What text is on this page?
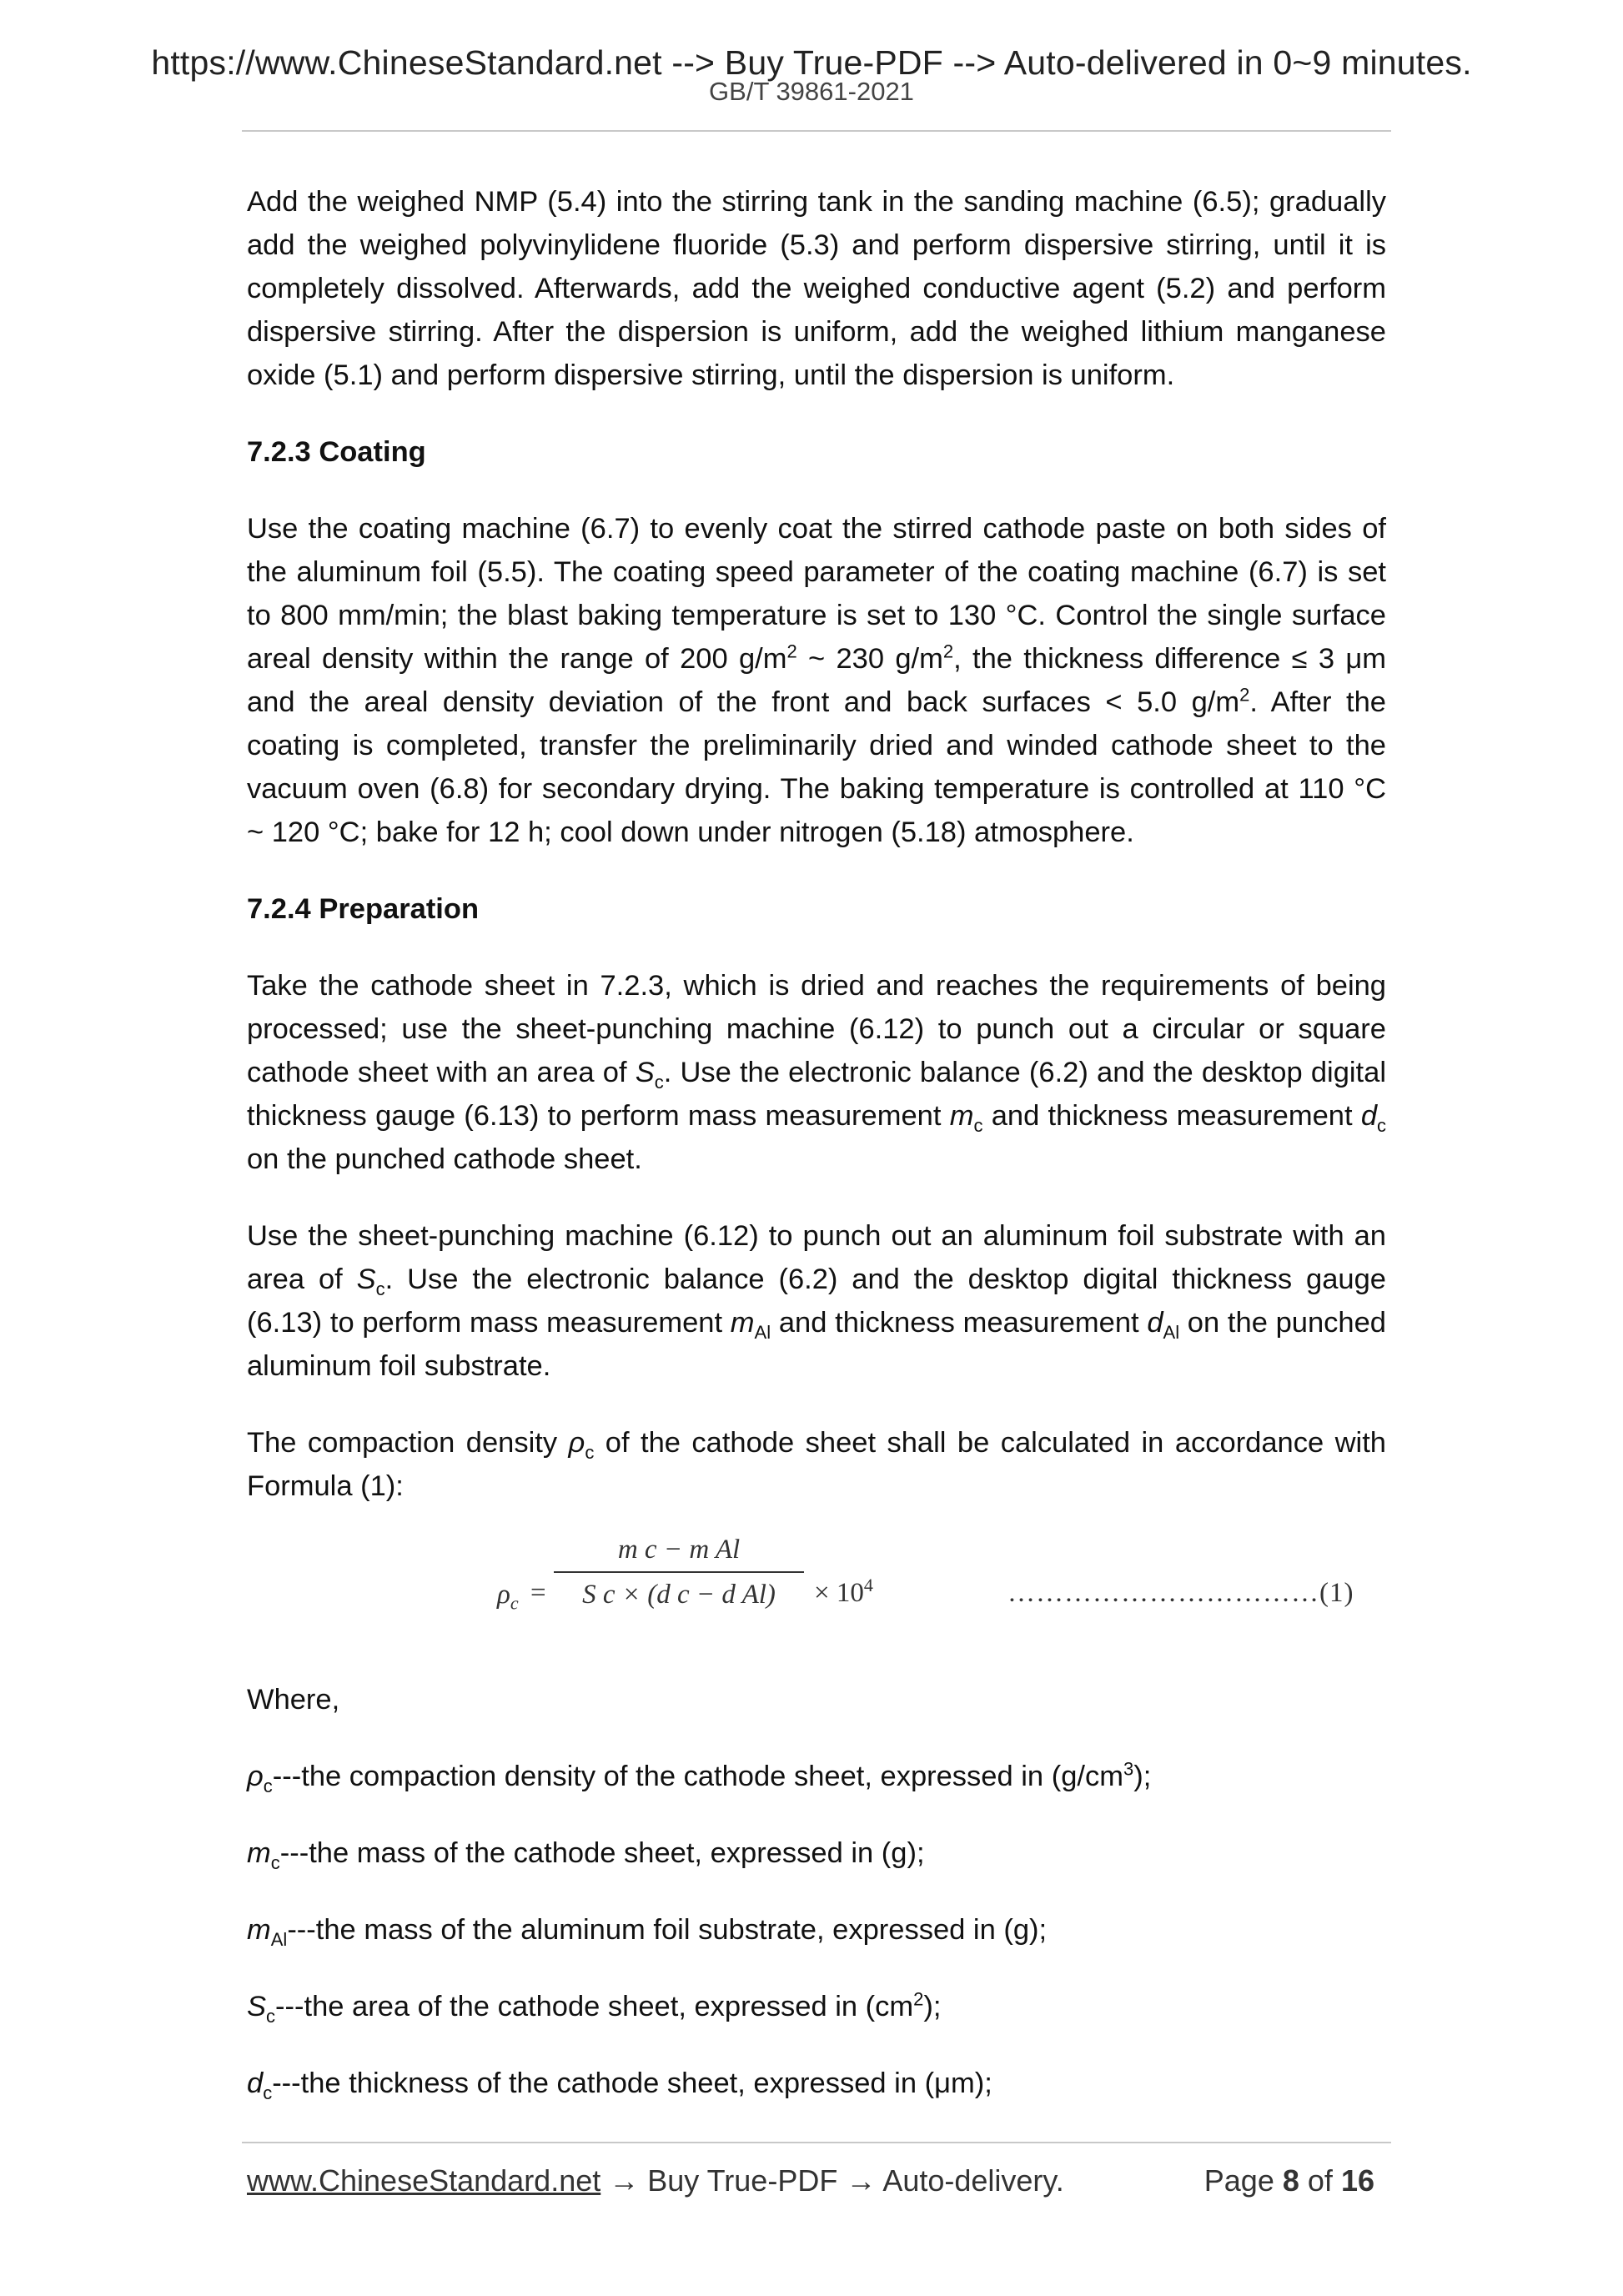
https://www.ChineseStandard.net --> Buy True-PDF --> Auto-delivered in 0~9 minutes.
GB/T 39861-2021

Add the weighed NMP (5.4) into the stirring tank in the sanding machine (6.5); gradually add the weighed polyvinylidene fluoride (5.3) and perform dispersive stirring, until it is completely dissolved. Afterwards, add the weighed conductive agent (5.2) and perform dispersive stirring. After the dispersion is uniform, add the weighed lithium manganese oxide (5.1) and perform dispersive stirring, until the dispersion is uniform.

7.2.3 Coating

Use the coating machine (6.7) to evenly coat the stirred cathode paste on both sides of the aluminum foil (5.5). The coating speed parameter of the coating machine (6.7) is set to 800 mm/min; the blast baking temperature is set to 130 °C. Control the single surface areal density within the range of 200 $g/m^2$ ~ 230 $g/m^2$, the thickness difference ≤ 3 μm and the areal density deviation of the front and back surfaces < 5.0 $g/m^2$. After the coating is completed, transfer the preliminarily dried and winded cathode sheet to the vacuum oven (6.8) for secondary drying. The baking temperature is controlled at 110 °C ~ 120 °C; bake for 12 h; cool down under nitrogen (5.18) atmosphere.

7.2.4 Preparation

Take the cathode sheet in 7.2.3, which is dried and reaches the requirements of being processed; use the sheet-punching machine (6.12) to punch out a circular or square cathode sheet with an area of $S_c$. Use the electronic balance (6.2) and the desktop digital thickness gauge (6.13) to perform mass measurement $m_c$ and thickness measurement $d_c$ on the punched cathode sheet.

Use the sheet-punching machine (6.12) to punch out an aluminum foil substrate with an area of $S_c$. Use the electronic balance (6.2) and the desktop digital thickness gauge (6.13) to perform mass measurement $m_{Al}$ and thickness measurement $d_{Al}$ on the punched aluminum foil substrate.

The compaction density $\rho_c$ of the cathode sheet shall be calculated in accordance with Formula (1):

$\rho_c$ =
m c − m Al
S c × (d c − d Al)	× $10^4$	……………………………(1)

Where,

$\rho_c--$-the compaction density of the cathode sheet, expressed in $(g/cm^3)$;

$m_c--$-the mass of the cathode sheet, expressed in (g);

$m_{Al}--$-the mass of the aluminum foil substrate, expressed in (g);

$S_c--$-the area of the cathode sheet, expressed in $(cm^2)$;

$d_c--$-the thickness of the cathode sheet, expressed in (μm);

www.ChineseStandard.net → Buy True-PDF → Auto-delivery.	Page 8 of 16
